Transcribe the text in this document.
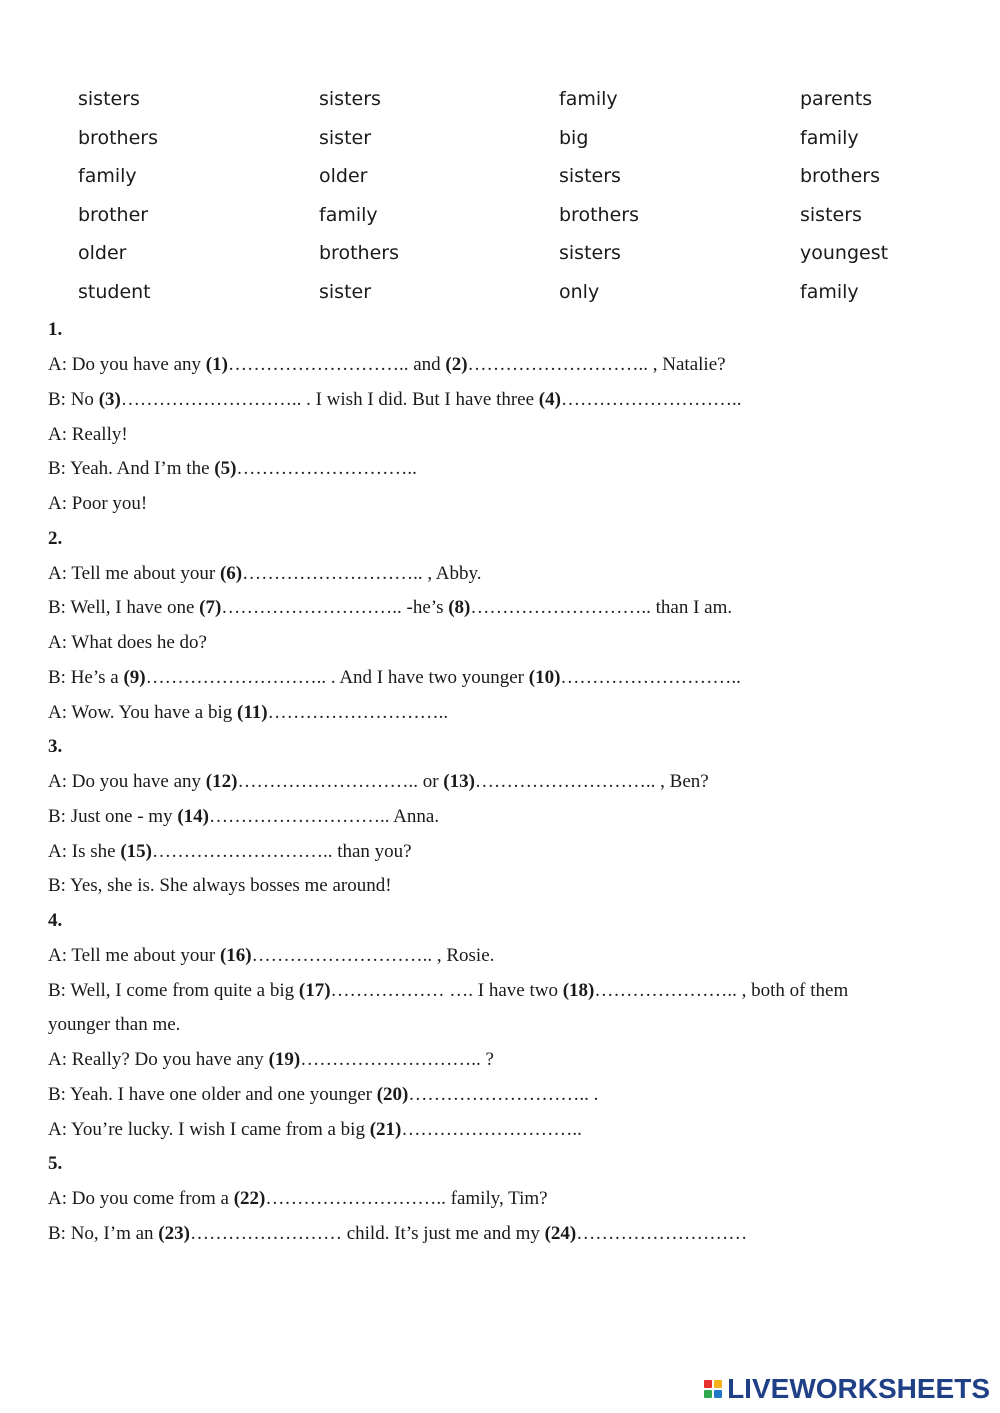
sisters	sisters	family	parents
brothers	sister	big	family
family	older	sisters	brothers
brother	family	brothers	sisters
older	brothers	sisters	youngest
student	sister	only	family
1.
A: Do you have any (1)……………………….. and (2)……………………….. , Natalie?
B: No (3)……………………….. . I wish I did. But I have three (4)………………………..
A: Really!
B: Yeah. And I’m the (5)………………………..
A: Poor you!
2.
A: Tell me about your (6)……………………….. , Abby.
B: Well, I have one (7)……………………….. -he’s (8)……………………….. than I am.
A: What does he do?
B: He’s a (9)……………………….. . And I have two younger (10)………………………..
A: Wow. You have a big (11)………………………..
3.
A: Do you have any (12)……………………….. or (13)……………………….. , Ben?
B: Just one - my (14)……………………….. Anna.
A: Is she (15)……………………….. than you?
B: Yes, she is. She always bosses me around!
4.
A: Tell me about your (16)……………………….. , Rosie.
B: Well, I come from quite a big (17)……………… …. I have two (18)………………….. , both of them
younger than me.
A: Really? Do you have any (19)……………………….. ?
B: Yeah. I have one older and one younger (20)……………………….. .
A: You’re lucky. I wish I came from a big (21)………………………..
5.
A: Do you come from a (22)……………………….. family, Tim?
B: No, I’m an (23)…………………… child. It’s just me and my (24)………………………
LIVEWORKSHEETS
